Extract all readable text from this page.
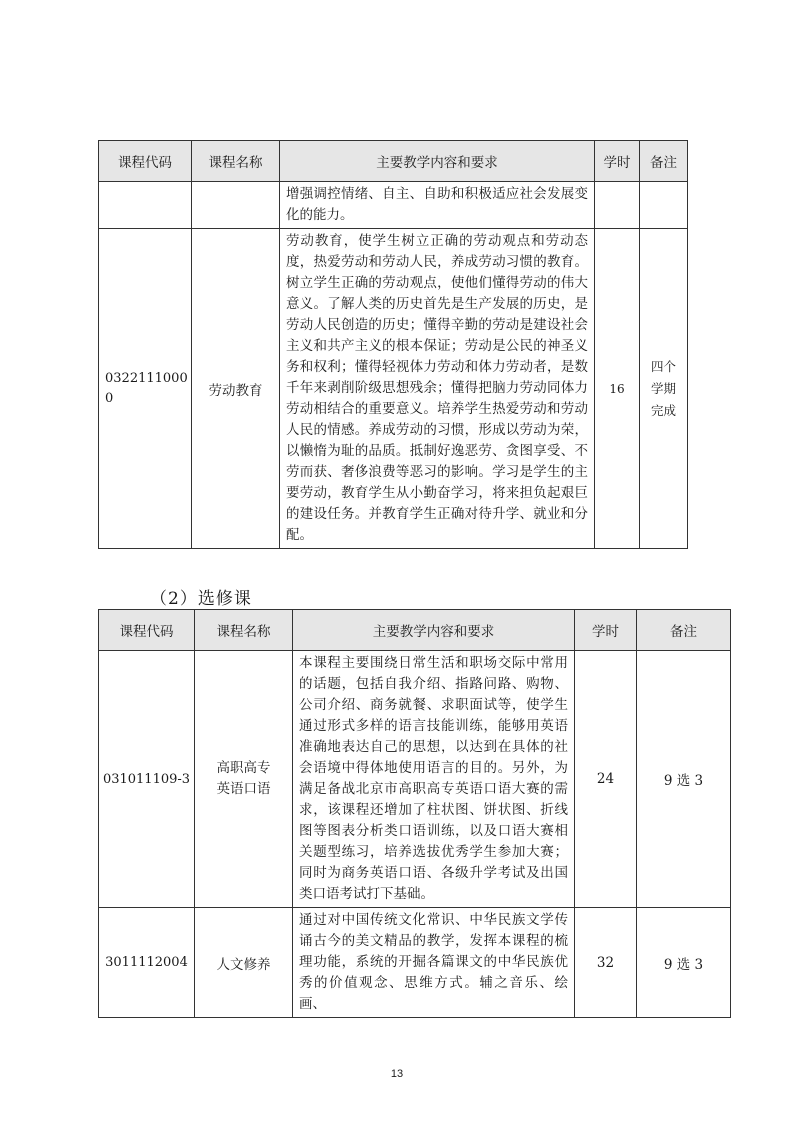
课程代码	课程名称	主要教学内容和要求	学时	备注
		增强调控情绪、自主、自助和积极适应社会发展变化的能力。		
03221110000	劳动教育	劳动教育，使学生树立正确的劳动观点和劳动态度，热爱劳动和劳动人民，养成劳动习惯的教育。树立学生正确的劳动观点，使他们懂得劳动的伟大意义。了解人类的历史首先是生产发展的历史，是劳动人民创造的历史；懂得辛勤的劳动是建设社会主义和共产主义的根本保证；劳动是公民的神圣义务和权利；懂得轻视体力劳动和体力劳动者，是数千年来剥削阶级思想残余；懂得把脑力劳动同体力劳动相结合的重要意义。培养学生热爱劳动和劳动人民的情感。养成劳动的习惯，形成以劳动为荣，以懒惰为耻的品质。抵制好逸恶劳、贪图享受、不劳而获、奢侈浪费等恶习的影响。学习是学生的主要劳动，教育学生从小勤奋学习，将来担负起艰巨的建设任务。并教育学生正确对待升学、就业和分配。	16	四个学期完成
（2）选修课
课程代码	课程名称	主要教学内容和要求	学时	备注
031011109-3	高职高专英语口语	本课程主要围绕日常生活和职场交际中常用的话题，包括自我介绍、指路问路、购物、公司介绍、商务就餐、求职面试等，使学生通过形式多样的语言技能训练，能够用英语准确地表达自己的思想，以达到在具体的社会语境中得体地使用语言的目的。另外，为满足备战北京市高职高专英语口语大赛的需求，该课程还增加了柱状图、饼状图、折线图等图表分析类口语训练，以及口语大赛相关题型练习，培养选拔优秀学生参加大赛；同时为商务英语口语、各级升学考试及出国类口语考试打下基础。	24	9 选 3
3011112004	人文修养	通过对中国传统文化常识、中华民族文学传诵古今的美文精品的教学，发挥本课程的梳理功能，系统的开掘各篇课文的中华民族优秀的价值观念、思维方式。辅之音乐、绘画、	32	9 选 3
13
